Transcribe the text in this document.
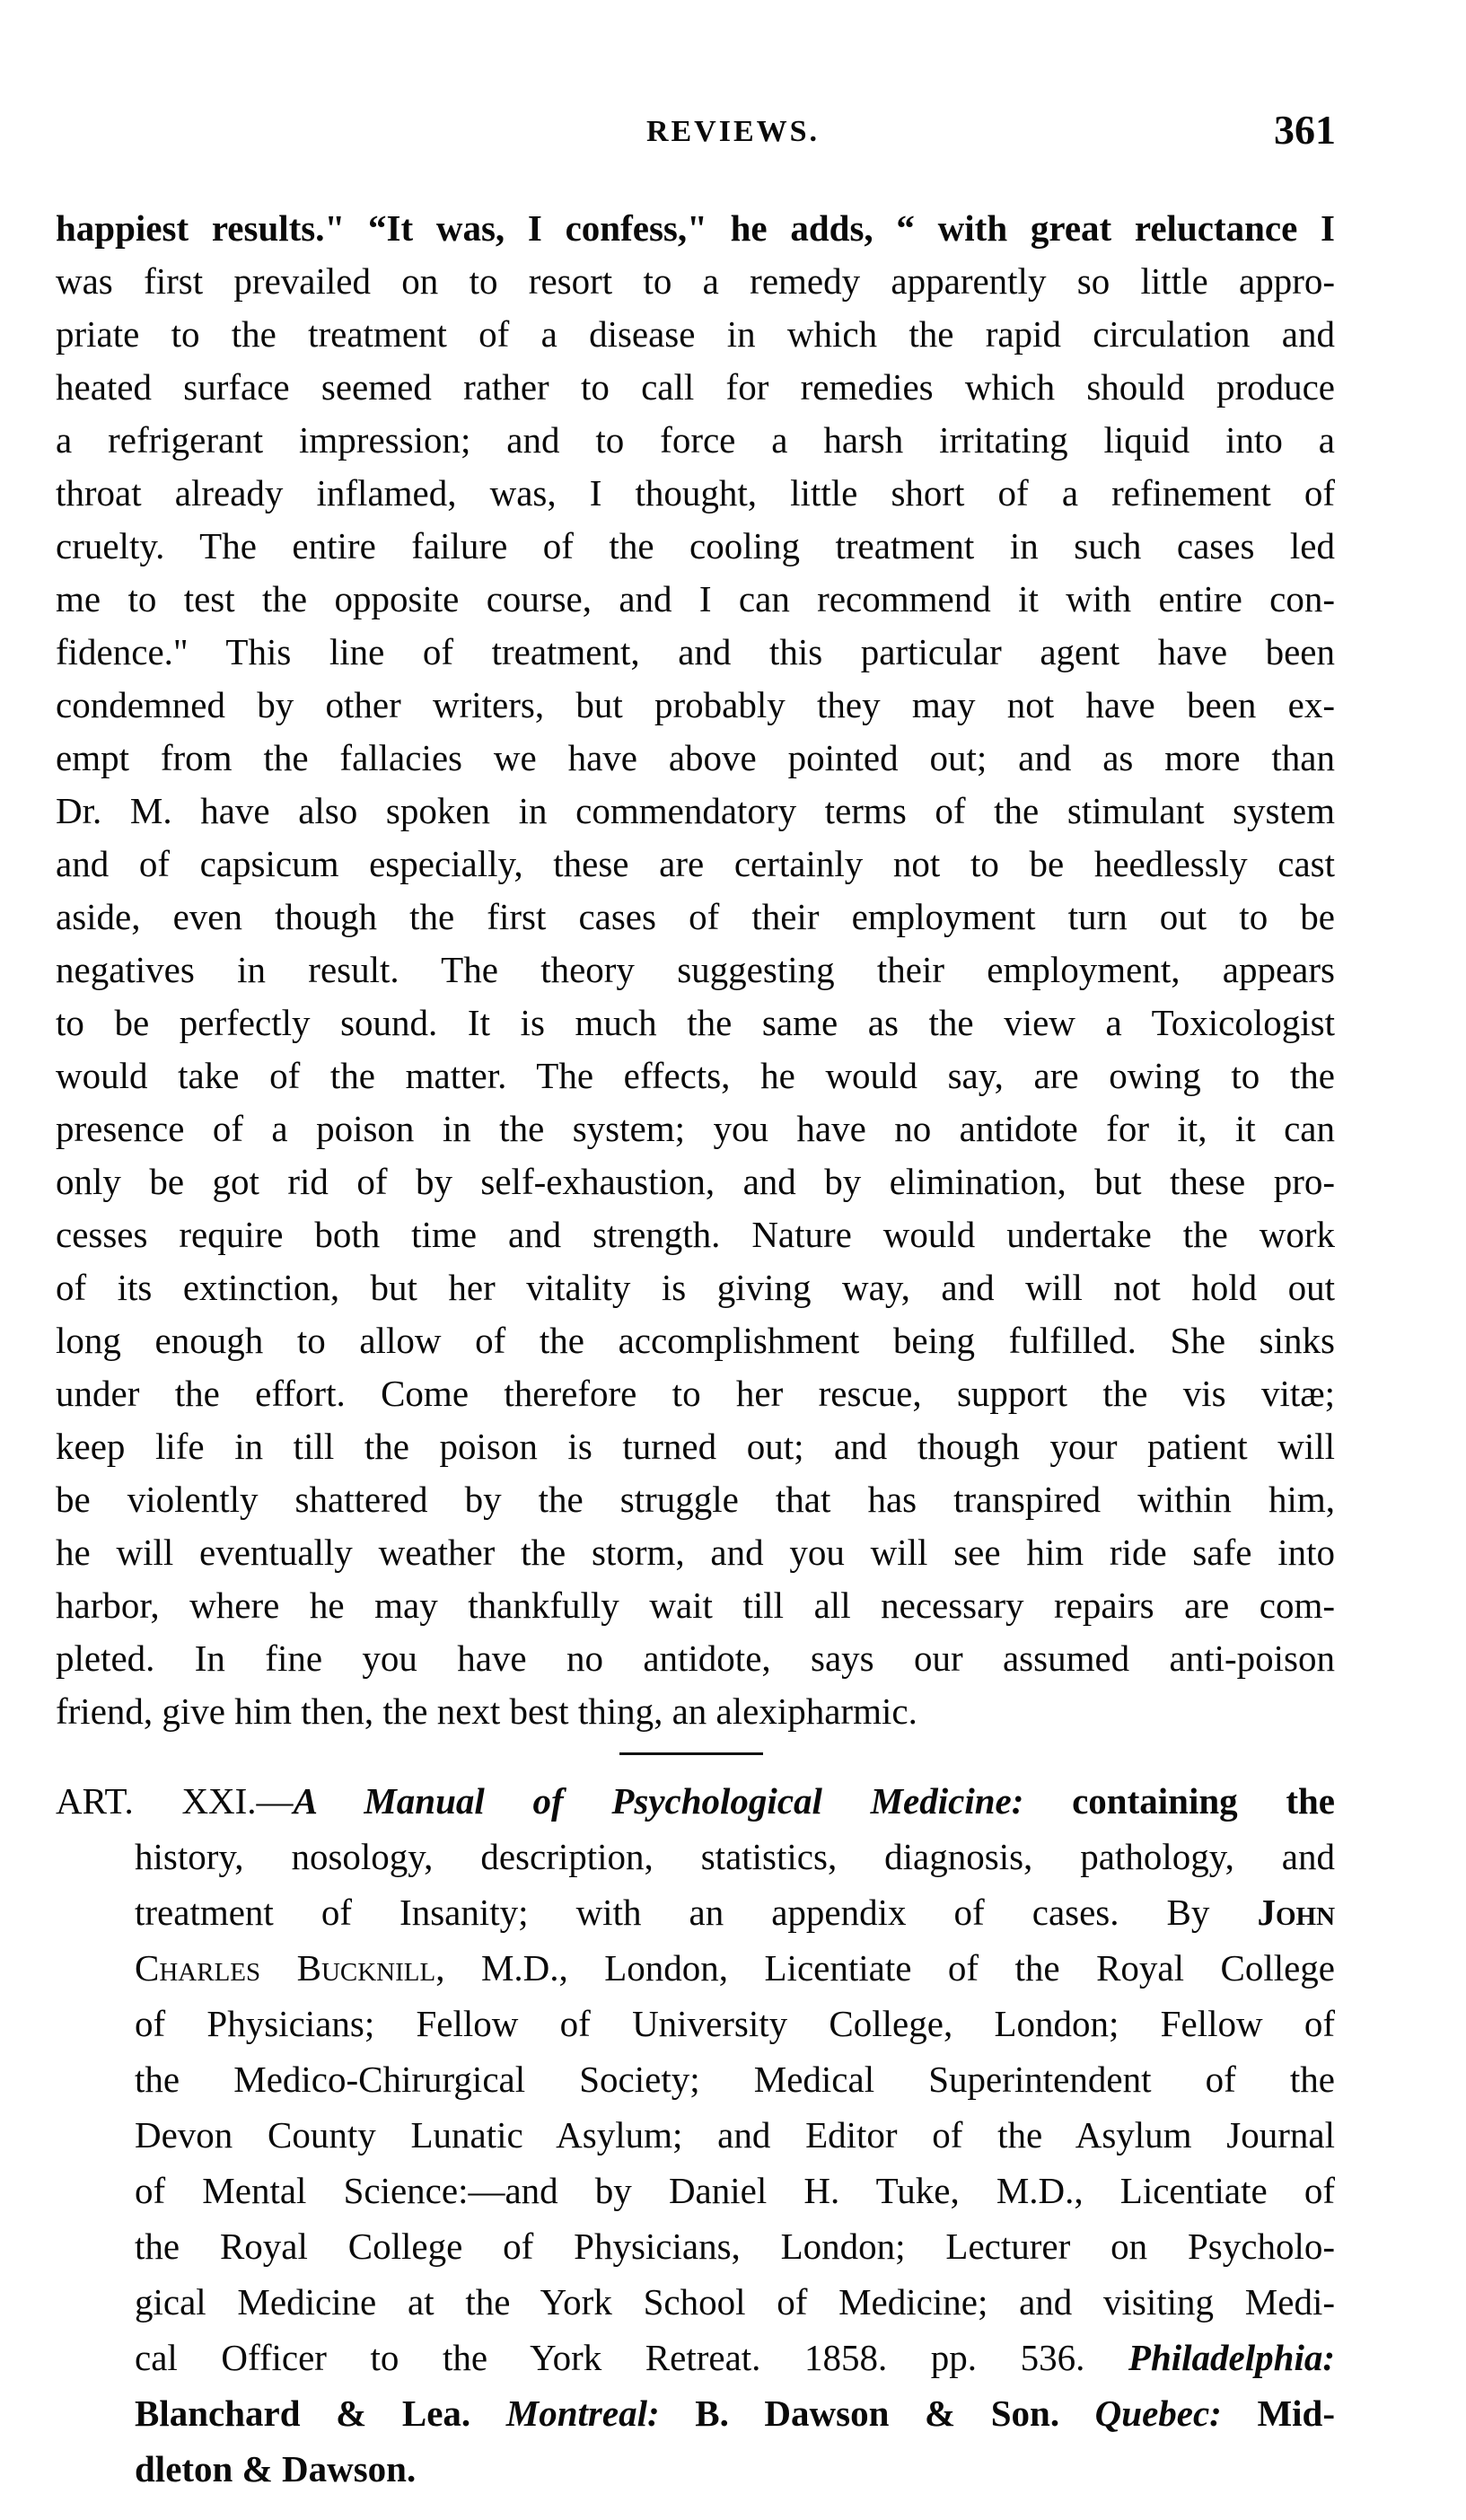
REVIEWS.	361
happiest results." “It was, I confess," he adds, “ with great reluctance I
was first prevailed on to resort to a remedy apparently so little appro-
priate to the treatment of a disease in which the rapid circulation and
heated surface seemed rather to call for remedies which should produce
a refrigerant impression; and to force a harsh irritating liquid into a
throat already inflamed, was, I thought, little short of a refinement of
cruelty. The entire failure of the cooling treatment in such cases led
me to test the opposite course, and I can recommend it with entire con-
fidence." This line of treatment, and this particular agent have been
condemned by other writers, but probably they may not have been ex-
empt from the fallacies we have above pointed out; and as more than
Dr. M. have also spoken in commendatory terms of the stimulant system
and of capsicum especially, these are certainly not to be heedlessly cast
aside, even though the first cases of their employment turn out to be
negatives in result. The theory suggesting their employment, appears
to be perfectly sound. It is much the same as the view a Toxicologist
would take of the matter. The effects, he would say, are owing to the
presence of a poison in the system; you have no antidote for it, it can
only be got rid of by self-exhaustion, and by elimination, but these pro-
cesses require both time and strength. Nature would undertake the work
of its extinction, but her vitality is giving way, and will not hold out
long enough to allow of the accomplishment being fulfilled. She sinks
under the effort. Come therefore to her rescue, support the vis vitæ;
keep life in till the poison is turned out; and though your patient will
be violently shattered by the struggle that has transpired within him,
he will eventually weather the storm, and you will see him ride safe into
harbor, where he may thankfully wait till all necessary repairs are com-
pleted. In fine you have no antidote, says our assumed anti-poison
friend, give him then, the next best thing, an alexipharmic.
ART. XXI.—A Manual of Psychological Medicine: containing the
history, nosology, description, statistics, diagnosis, pathology, and
treatment of Insanity; with an appendix of cases. By John
Charles Bucknill, M.D., London, Licentiate of the Royal College
of Physicians; Fellow of University College, London; Fellow of
the Medico-Chirurgical Society; Medical Superintendent of the
Devon County Lunatic Asylum; and Editor of the Asylum Journal
of Mental Science:—and by Daniel H. Tuke, M.D., Licentiate of
the Royal College of Physicians, London; Lecturer on Psycholo-
gical Medicine at the York School of Medicine; and visiting Medi-
cal Officer to the York Retreat. 1858. pp. 536. Philadelphia:
Blanchard & Lea. Montreal: B. Dawson & Son. Quebec: Mid-
dleton & Dawson.
